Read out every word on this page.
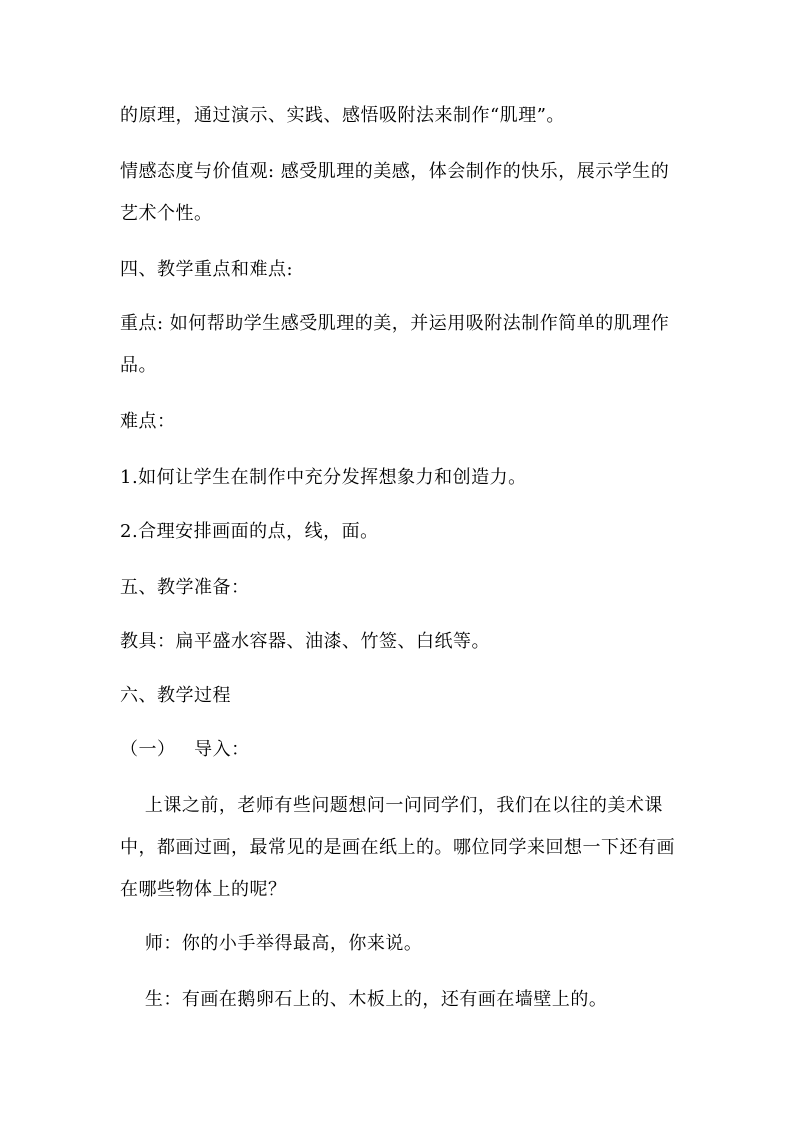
的原理，通过演示、实践、感悟吸附法来制作“肌理”。
情感态度与价值观: 感受肌理的美感，体会制作的快乐，展示学生的
艺术个性。
四、教学重点和难点:
重点: 如何帮助学生感受肌理的美，并运用吸附法制作简单的肌理作
品。
难点：
1.如何让学生在制作中充分发挥想象力和创造力。
2.合理安排画面的点，线，面。
五、教学准备：
教具：扁平盛水容器、油漆、竹签、白纸等。
六、教学过程
（一）   导入：
上课之前，老师有些问题想问一问同学们，我们在以往的美术课
中，都画过画，最常见的是画在纸上的。哪位同学来回想一下还有画
在哪些物体上的呢？
师：你的小手举得最高，你来说。
生：有画在鹅卵石上的、木板上的，还有画在墙壁上的。
